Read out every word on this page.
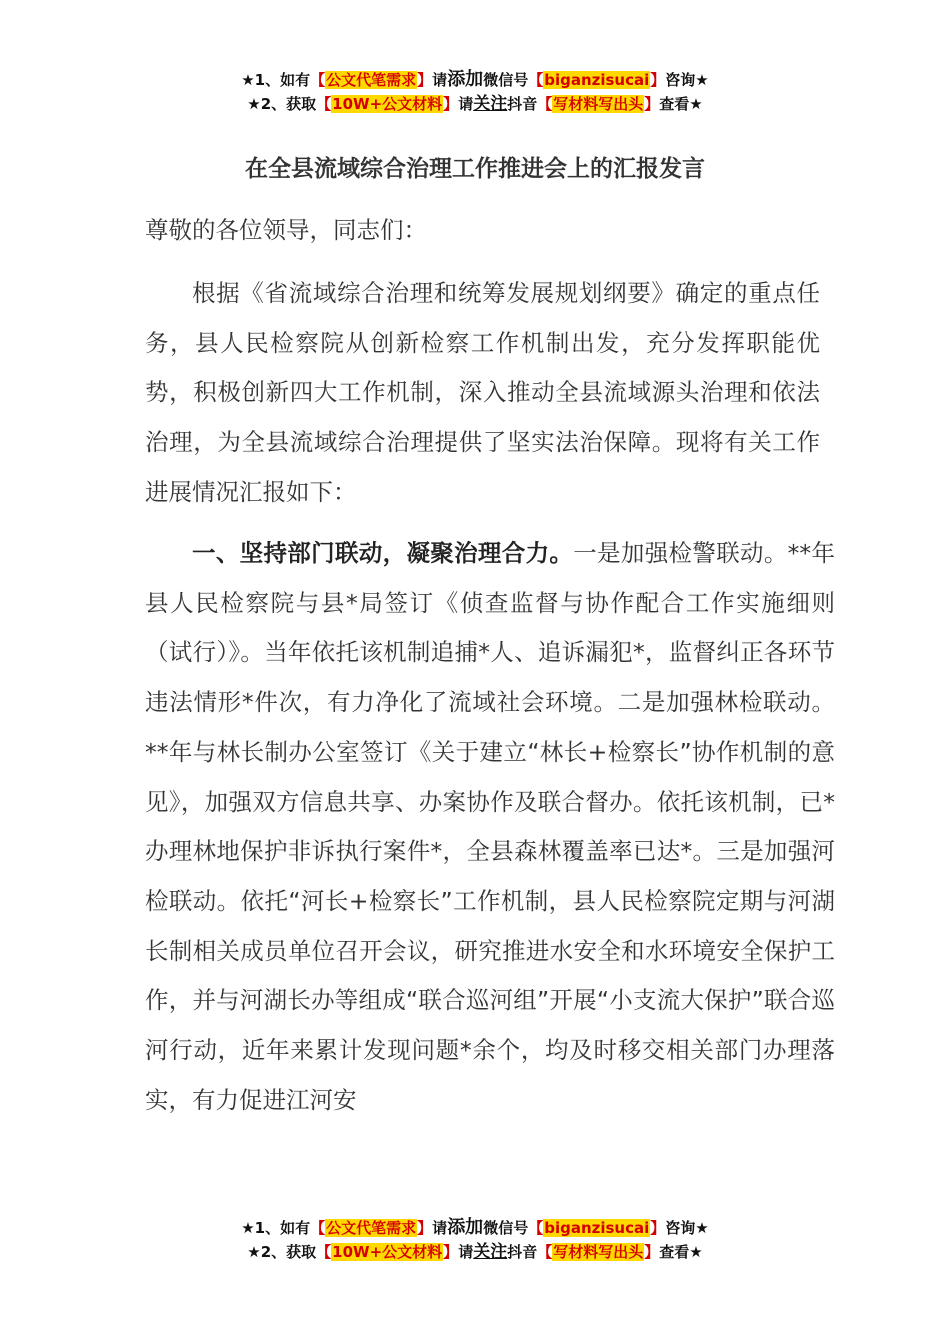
★1、如有【公文代笔需求】请添加微信号【biganzisucai】咨询★
★2、获取【10W+公文材料】请关注抖音【写材料写出头】查看★
在全县流域综合治理工作推进会上的汇报发言
尊敬的各位领导，同志们：
根据《省流域综合治理和统筹发展规划纲要》确定的重点任务，县人民检察院从创新检察工作机制出发，充分发挥职能优势，积极创新四大工作机制，深入推动全县流域源头治理和依法治理，为全县流域综合治理提供了坚实法治保障。现将有关工作进展情况汇报如下：
一、坚持部门联动，凝聚治理合力。一是加强检警联动。**年县人民检察院与县*局签订《侦查监督与协作配合工作实施细则（试行）》。当年依托该机制追捕*人、追诉漏犯*，监督纠正各环节违法情形*件次，有力净化了流域社会环境。二是加强林检联动。**年与林长制办公室签订《关于建立“林长+检察长”协作机制的意见》，加强双方信息共享、办案协作及联合督办。依托该机制，已*办理林地保护非诉执行案件*，全县森林覆盖率已达*。三是加强河检联动。依托“河长+检察长”工作机制，县人民检察院定期与河湖长制相关成员单位召开会议，研究推进水安全和水环境安全保护工作，并与河湖长办等组成“联合巡河组”开展“小支流大保护”联合巡河行动，近年来累计发现问题*余个，均及时移交相关部门办理落实，有力促进江河安
★1、如有【公文代笔需求】请添加微信号【biganzisucai】咨询★
★2、获取【10W+公文材料】请关注抖音【写材料写出头】查看★
